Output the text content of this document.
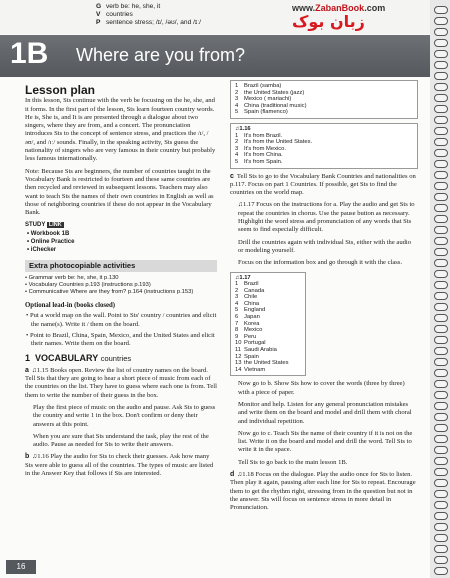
G verb be: he, she, it
V countries
P sentence stress; /ɪ/, /əʊ/, and /ɪː/
www.ZabanBook.com
زبان بوک
1B Where are you from?
Lesson plan

In this lesson, Sts continue with the verb be focusing on the he, she, and it forms. In the first part of the lesson, Sts learn fourteen country words. He is, She is, and It is are presented through a dialogue about two singers, where they are from, and a concert. The pronunciation introduces Sts to the concept of sentence stress, and practices the /ɪ/, /əʊ/, and /ɪː/ sounds. Finally, in the speaking activity, Sts guess the nationality of singers who are very famous in their country but probably less famous internationally.

Note: Because Sts are beginners, the number of countries taught in the Vocabulary Bank is restricted to fourteen and these same countries are then recycled and reviewed in subsequent lessons. Teachers may also want to teach Sts the names of their own countries in English as well as those of neighboring countries if these do not appear in the Vocabulary Bank.

STUDY LINK
• Workbook 1B
• Online Practice
• iChecker
Extra photocopiable activities
• Grammar verb be: he, she, it p.130
• Vocabulary Countries p.193 (instructions p.193)
• Communicative Where are they from? p.164 (instructions p.153)
Optional lead-in (books closed)

• Put a world map on the wall. Point to Sts' country / countries and elicit the name(s). Write it / them on the board.

• Point to Brazil, China, Spain, Mexico, and the United States and elicit their names. Write them on the board.

1 VOCABULARY countries

a ♫1.15 Books open. Review the list of country names on the board. Tell Sts that they are going to hear a short piece of music from each of the countries on the list. They have to guess where each one is from. Tell them to write the number of their guess in the box.

Play the first piece of music on the audio and pause. Ask Sts to guess the country and write 1 in the box. Don't confirm or deny their answers at this point.

When you are sure that Sts understand the task, play the rest of the audio. Pause as needed for Sts to write their answers.

b ♫1.16 Play the audio for Sts to check their guesses. Ask how many Sts were able to guess all of the countries. The types of music are listed in the Answer Key that follows if Sts are interested.

1 Brazil (samba)
2 the United States (jazz)
3 Mexico ( mariachi)
4 China (traditional music)
5 Spain (flamenco)
♫1.16
1 It's from Brazil.
2 It's from the United States.
3 It's from Mexico.
4 It's from China.
5 It's from Spain.

c Tell Sts to go to the Vocabulary Bank Countries and nationalities on p.117. Focus on part 1 Countries. If possible, get Sts to find the countries on the world map.

♫1.17 Focus on the instructions for a. Play the audio and get Sts to repeat the countries in chorus. Use the pause button as necessary. Highlight the word stress and pronunciation of any words that Sts seem to find especially difficult.

Drill the countries again with individual Sts, either with the audio or modeling yourself.

Focus on the information box and go through it with the class.

♫1.17
1 Brazil
2 Canada
3 Chile
4 China
5 England
6 Japan
7 Korea
8 Mexico
9 Peru
10 Portugal
11 Saudi Arabia
12 Spain
13 the United States
14 Vietnam

Now go to b. Show Sts how to cover the words (three by three) with a piece of paper.

Monitor and help. Listen for any general pronunciation mistakes and write them on the board and model and drill them with choral and individual repetition.

Now go to c. Teach Sts the name of their country if it is not on the list. Write it on the board and model and drill the word. Tell Sts to write it in the space.

Tell Sts to go back to the main lesson 1B.

d ♫1.18 Focus on the dialogue. Play the audio once for Sts to listen. Then play it again, pausing after each line for Sts to repeat. Encourage them to get the rhythm right, stressing from in the question but not in the answer. Sts will focus on sentence stress in more detail in Pronunciation.

16
